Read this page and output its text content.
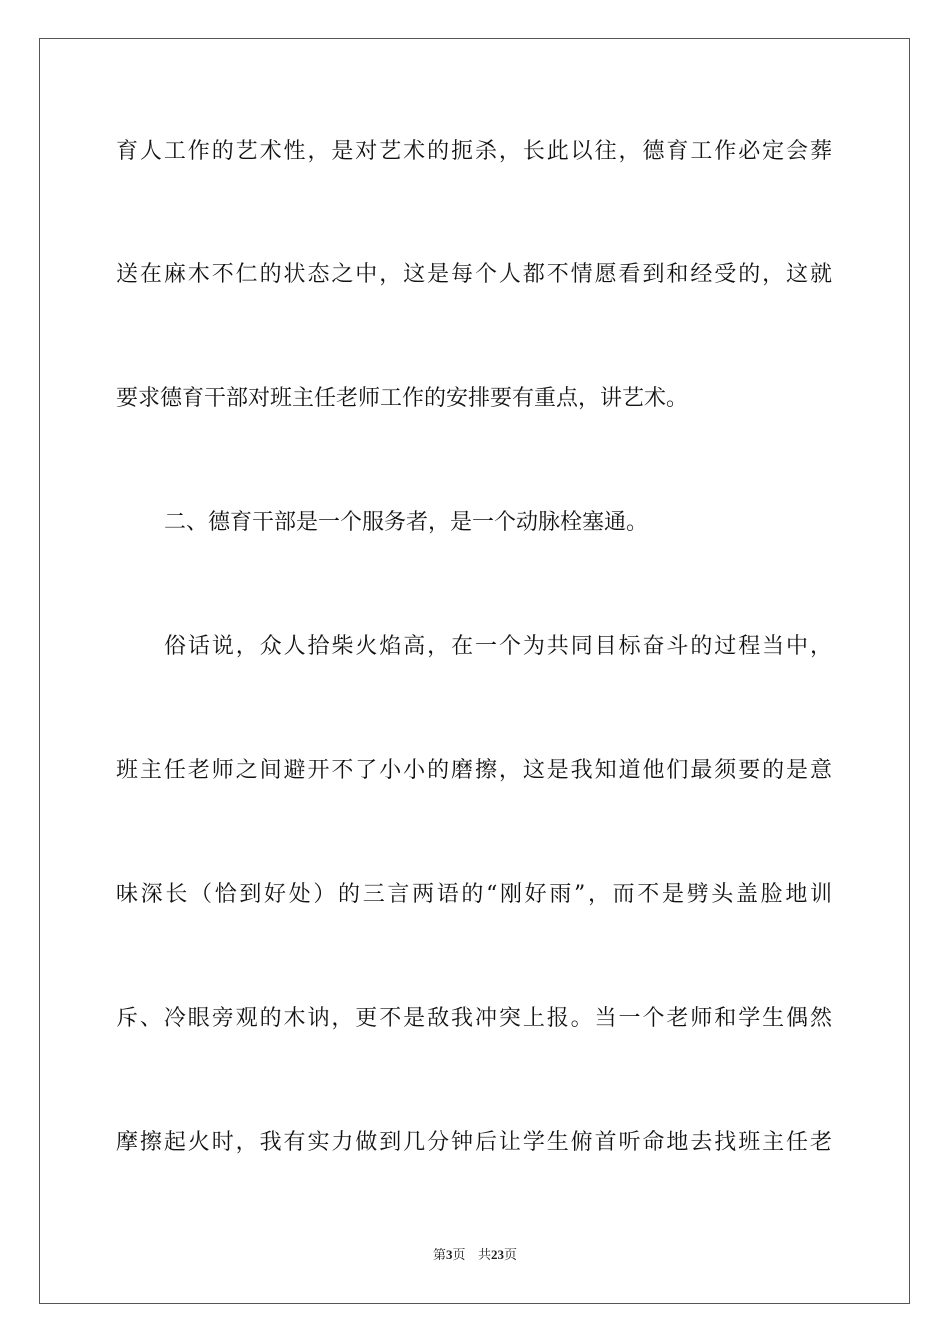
育人工作的艺术性，是对艺术的扼杀，长此以往，德育工作必定会葬
送在麻木不仁的状态之中，这是每个人都不情愿看到和经受的，这就
要求德育干部对班主任老师工作的安排要有重点，讲艺术。
二、德育干部是一个服务者，是一个动脉栓塞通。
俗话说，众人拾柴火焰高，在一个为共同目标奋斗的过程当中，
班主任老师之间避开不了小小的磨擦，这是我知道他们最须要的是意
味深长（恰到好处）的三言两语的“刚好雨”，而不是劈头盖脸地训
斥、冷眼旁观的木讷，更不是敌我冲突上报。当一个老师和学生偶然
摩擦起火时，我有实力做到几分钟后让学生俯首听命地去找班主任老
第3页 共23页
